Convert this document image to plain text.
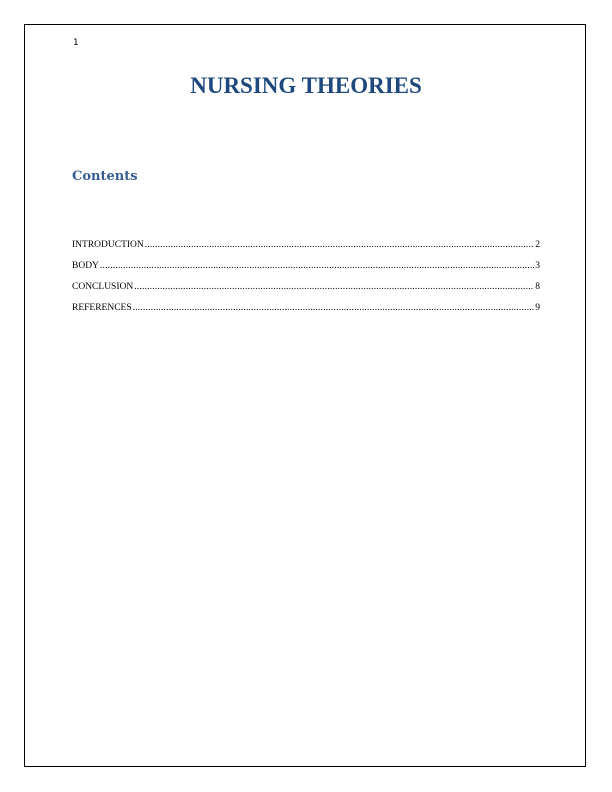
1
NURSING THEORIES
Contents
INTRODUCTION .....	2
BODY .....	3
CONCLUSION .....	8
REFERENCES .....	9
